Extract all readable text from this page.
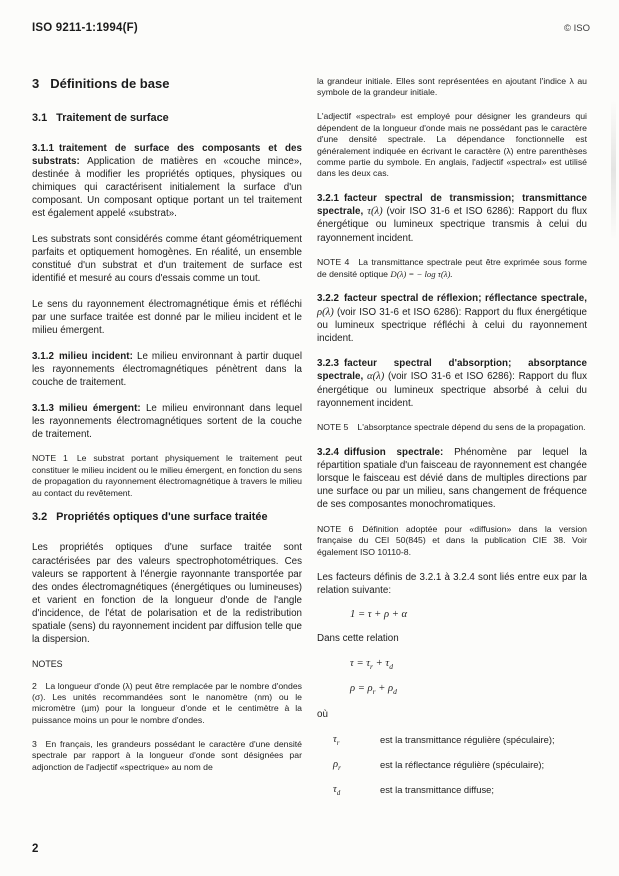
ISO 9211-1:1994(F)	© ISO
3 Définitions de base
3.1 Traitement de surface

3.1.1 traitement de surface des composants et des substrats: Application de matières en «couche mince», destinée à modifier les propriétés optiques, physiques ou chimiques qui caractérisent initialement la surface d'un composant. Un composant optique portant un tel traitement est également appelé «substrat».

Les substrats sont considérés comme étant géométriquement parfaits et optiquement homogènes. En réalité, un ensemble constitué d'un substrat et d'un traitement de surface est identifié et mesuré au cours d'essais comme un tout.

Le sens du rayonnement électromagnétique émis et réfléchi par une surface traitée est donné par le milieu incident et le milieu émergent.

3.1.2 milieu incident: Le milieu environnant à partir duquel les rayonnements électromagnétiques pénètrent dans la couche de traitement.

3.1.3 milieu émergent: Le milieu environnant dans lequel les rayonnements électromagnétiques sortent de la couche de traitement.

NOTE 1 Le substrat portant physiquement le traitement peut constituer le milieu incident ou le milieu émergent, en fonction du sens de propagation du rayonnement électromagnétique à travers le milieu au contact du revêtement.

3.2 Propriétés optiques d'une surface traitée

Les propriétés optiques d'une surface traitée sont caractérisées par des valeurs spectrophotométriques. Ces valeurs se rapportent à l'énergie rayonnante transportée par des ondes électromagnétiques (énergétiques ou lumineuses) et varient en fonction de la longueur d'onde de l'angle d'incidence, de l'état de polarisation et de la redistribution spatiale (sens) du rayonnement incident par diffusion telle que la dispersion.

NOTES

2 La longueur d'onde (λ) peut être remplacée par le nombre d'ondes (σ). Les unités recommandées sont le nanomètre (nm) ou le micromètre (µm) pour la longueur d'onde et le centimètre à la puissance moins un pour le nombre d'ondes.

3 En français, les grandeurs possédant le caractère d'une densité spectrale par rapport à la longueur d'onde sont désignées par adjonction de l'adjectif «spectrique» au nom de

la grandeur initiale. Elles sont représentées en ajoutant l'indice λ au symbole de la grandeur initiale.

L'adjectif «spectral» est employé pour désigner les grandeurs qui dépendent de la longueur d'onde mais ne possédant pas le caractère d'une densité spectrale. La dépendance fonctionnelle est généralement indiquée en écrivant le caractère (λ) entre parenthèses comme partie du symbole. En anglais, l'adjectif «spectral» est utilisé dans les deux cas.

3.2.1 facteur spectral de transmission; transmittance spectrale, τ(λ) (voir ISO 31-6 et ISO 6286): Rapport du flux énergétique ou lumineux spectrique transmis à celui du rayonnement incident.

NOTE 4 La transmittance spectrale peut être exprimée sous forme de densité optique D(λ) = − log τ(λ).

3.2.2 facteur spectral de réflexion; réflectance spectrale, ρ(λ) (voir ISO 31-6 et ISO 6286): Rapport du flux énergétique ou lumineux spectrique réfléchi à celui du rayonnement incident.

3.2.3 facteur spectral d'absorption; absorptance spectrale, α(λ) (voir ISO 31-6 et ISO 6286): Rapport du flux énergétique ou lumineux spectrique absorbé à celui du rayonnement incident.

NOTE 5 L'absorptance spectrale dépend du sens de la propagation.

3.2.4 diffusion spectrale: Phénomène par lequel la répartition spatiale d'un faisceau de rayonnement est changée lorsque le faisceau est dévié dans de multiples directions par une surface ou par un milieu, sans changement de fréquence de ses composantes monochromatiques.

NOTE 6 Définition adoptée pour «diffusion» dans la version française du CEI 50(845) et dans la publication CIE 38. Voir également ISO 10110-8.

Les facteurs définis de 3.2.1 à 3.2.4 sont liés entre eux par la relation suivante:

1 = τ + ρ + α

Dans cette relation

$\tau = \tau_r + \tau_d$
$\rho = \rho_r + \rho_d$

où

$\tau_r$	est la transmittance régulière (spéculaire);
$\rho_r$	est la réflectance régulière (spéculaire);
$\tau_d$	est la transmittance diffuse;
2
